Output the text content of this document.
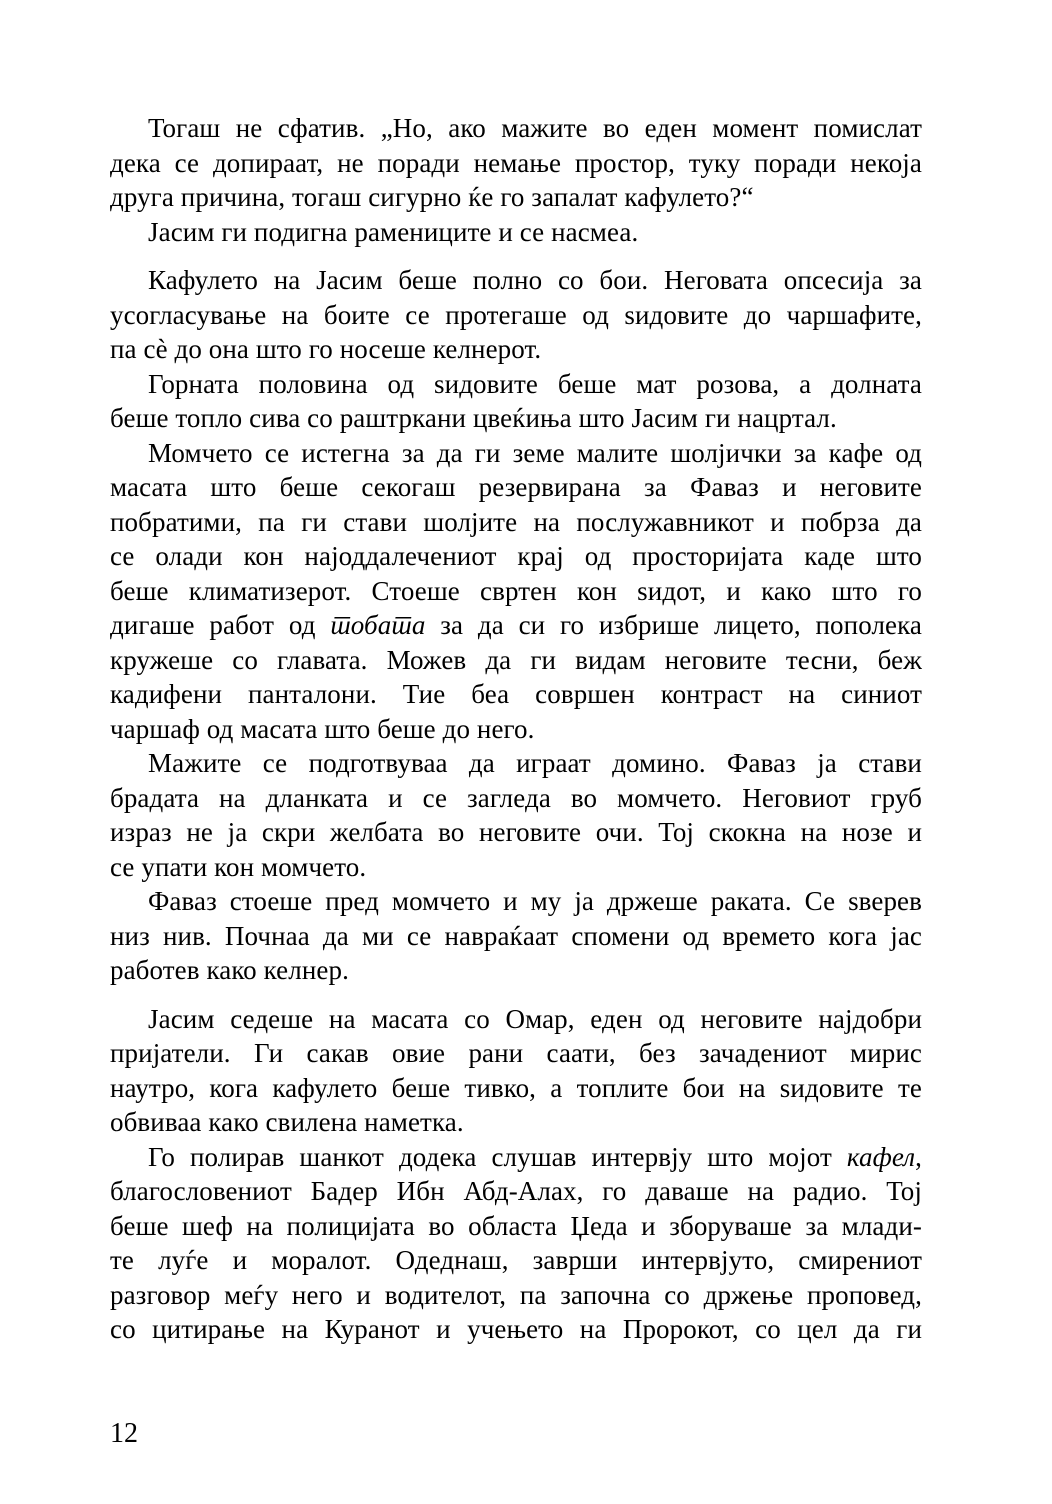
Тогаш не сфатив. „Но, ако мажите во еден момент помислат
дека се допираат, не поради немање простор, туку поради некоја
друга причина, тогаш сигурно ќе го запалат кафулето?“
Јасим ги подигна рамениците и се насмеа.
Кафулето на Јасим беше полно со бои. Неговата опсесија за
усогласување на боите се протегаше од ѕидовите до чаршафите,
па сè до она што го носеше келнерот.
Горната половина од ѕидовите беше мат розова, а долната
беше топло сива со раштркани цвеќиња што Јасим ги нацртал.
Момчето се истегна за да ги земе малите шолјички за кафе од
масата што беше секогаш резервирана за Фаваз и неговите
побратими, па ги стави шолјите на послужавникот и побрза да
се олади кон најоддалечениот крај од просторијата каде што
беше климатизерот. Стоеше свртен кон ѕидот, и како што го
дигаше работ од тобата за да си го избрише лицето, пополека
кружеше со главата. Можев да ги видам неговите тесни, беж
кадифени панталони. Тие беа совршен контраст на синиот
чаршаф од масата што беше до него.
Мажите се подготвуваа да играат домино. Фаваз ја стави
брадата на дланката и се загледа во момчето. Неговиот груб
израз не ја скри желбата во неговите очи. Тој скокна на нозе и
се упати кон момчето.
Фаваз стоеше пред момчето и му ја држеше раката. Се ѕверев
низ нив. Почнаа да ми се навраќаат спомени од времето кога јас
работев како келнер.
Јасим седеше на масата со Омар, еден од неговите најдобри
пријатели. Ги сакав овие рани саати, без зачадениот мирис
наутро, кога кафулето беше тивко, а топлите бои на ѕидовите те
обвиваа како свилена наметка.
Го полирав шанкот додека слушав интервју што мојот кафел,
благословениот Бадер Ибн Абд-Алах, го даваше на радио. Тој
беше шеф на полицијата во областа Џеда и зборуваше за млади-
те луѓе и моралот. Одеднаш, заврши интервјуто, смирениот
разговор меѓу него и водителот, па започна со држење проповед,
со цитирање на Куранот и учењето на Пророкот, со цел да ги
12
